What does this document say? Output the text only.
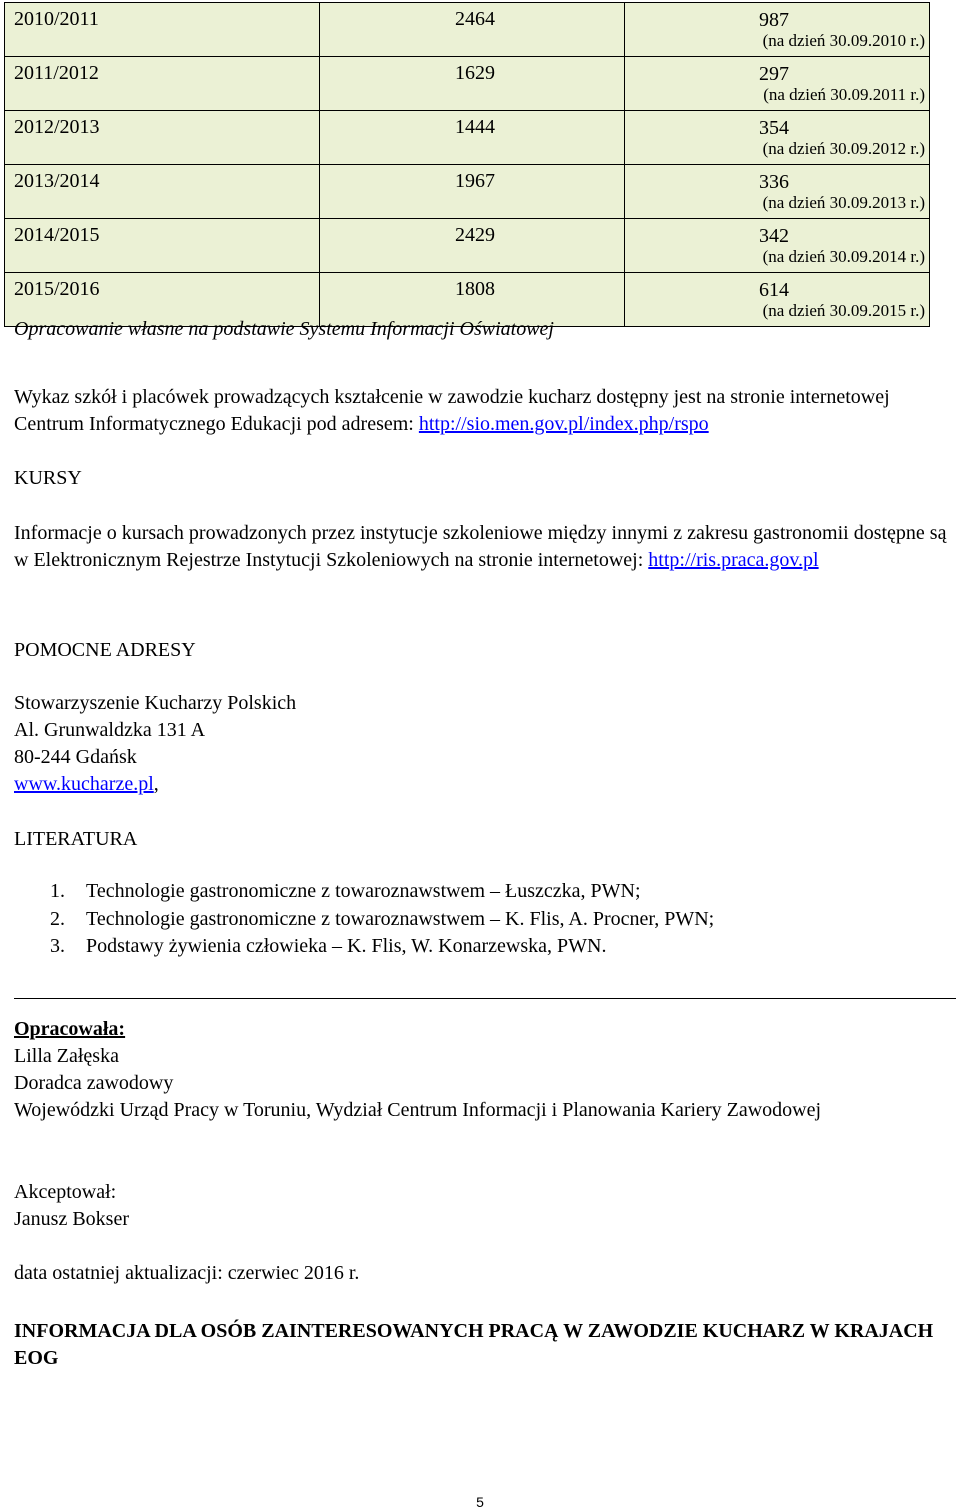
2010/2011	2464	987
(na dzień 30.09.2010 r.)

2011/2012	1629	297
(na dzień 30.09.2011 r.)

2012/2013	1444	354
(na dzień 30.09.2012 r.)

2013/2014	1967	336
(na dzień 30.09.2013 r.)

2014/2015	2429	342
(na dzień 30.09.2014 r.)

2015/2016	1808	614
(na dzień 30.09.2015 r.)
Opracowanie własne na podstawie Systemu Informacji Oświatowej
Wykaz szkół i placówek prowadzących kształcenie w zawodzie kucharz dostępny jest na stronie internetowej Centrum Informatycznego Edukacji pod adresem: http://sio.men.gov.pl/index.php/rspo
KURSY
Informacje o kursach prowadzonych przez instytucje szkoleniowe między innymi z zakresu gastronomii dostępne są w Elektronicznym Rejestrze Instytucji Szkoleniowych na stronie internetowej: http://ris.praca.gov.pl
POMOCNE ADRESY
Stowarzyszenie Kucharzy Polskich
Al. Grunwaldzka 131 A
80-244 Gdańsk
www.kucharze.pl,
LITERATURA
1. Technologie gastronomiczne z towaroznawstwem – Łuszczka, PWN;
2. Technologie gastronomiczne z towaroznawstwem – K. Flis, A. Procner, PWN;
3. Podstawy żywienia człowieka – K. Flis, W. Konarzewska, PWN.
Opracowała:
Lilla Załęska
Doradca zawodowy
Wojewódzki Urząd Pracy w Toruniu, Wydział Centrum Informacji i Planowania Kariery Zawodowej
Akceptował:
Janusz Bokser
data ostatniej aktualizacji: czerwiec 2016 r.
INFORMACJA DLA OSÓB ZAINTERESOWANYCH PRACĄ W ZAWODZIE KUCHARZ W KRAJACH EOG
5
